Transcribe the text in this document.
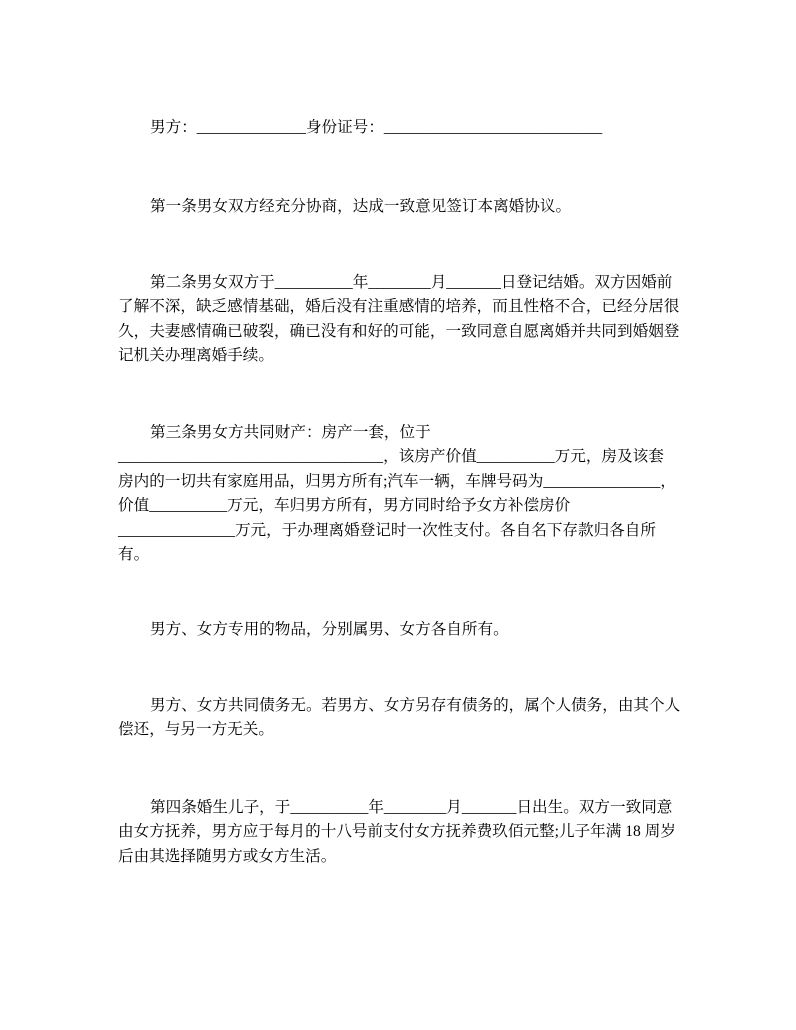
男方：______________身份证号：____________________________
第一条男女双方经充分协商，达成一致意见签订本离婚协议。
第二条男女双方于__________年________月_______日登记结婚。双方因婚前
了解不深，缺乏感情基础，婚后没有注重感情的培养，而且性格不合，已经分居很
久，夫妻感情确已破裂，确已没有和好的可能，一致同意自愿离婚并共同到婚姻登
记机关办理离婚手续。
第三条男女方共同财产：房产一套，位于
__________________________________，该房产价值__________万元，房及该套
房内的一切共有家庭用品，归男方所有;汽车一辆，车牌号码为_______________，
价值__________万元，车归男方所有，男方同时给予女方补偿房价
_______________万元，于办理离婚登记时一次性支付。各自名下存款归各自所
有。
男方、女方专用的物品，分别属男、女方各自所有。
男方、女方共同债务无。若男方、女方另存有债务的，属个人债务，由其个人
偿还，与另一方无关。
第四条婚生儿子，于__________年________月_______日出生。双方一致同意
由女方抚养，男方应于每月的十八号前支付女方抚养费玖佰元整;儿子年满 18 周岁
后由其选择随男方或女方生活。
